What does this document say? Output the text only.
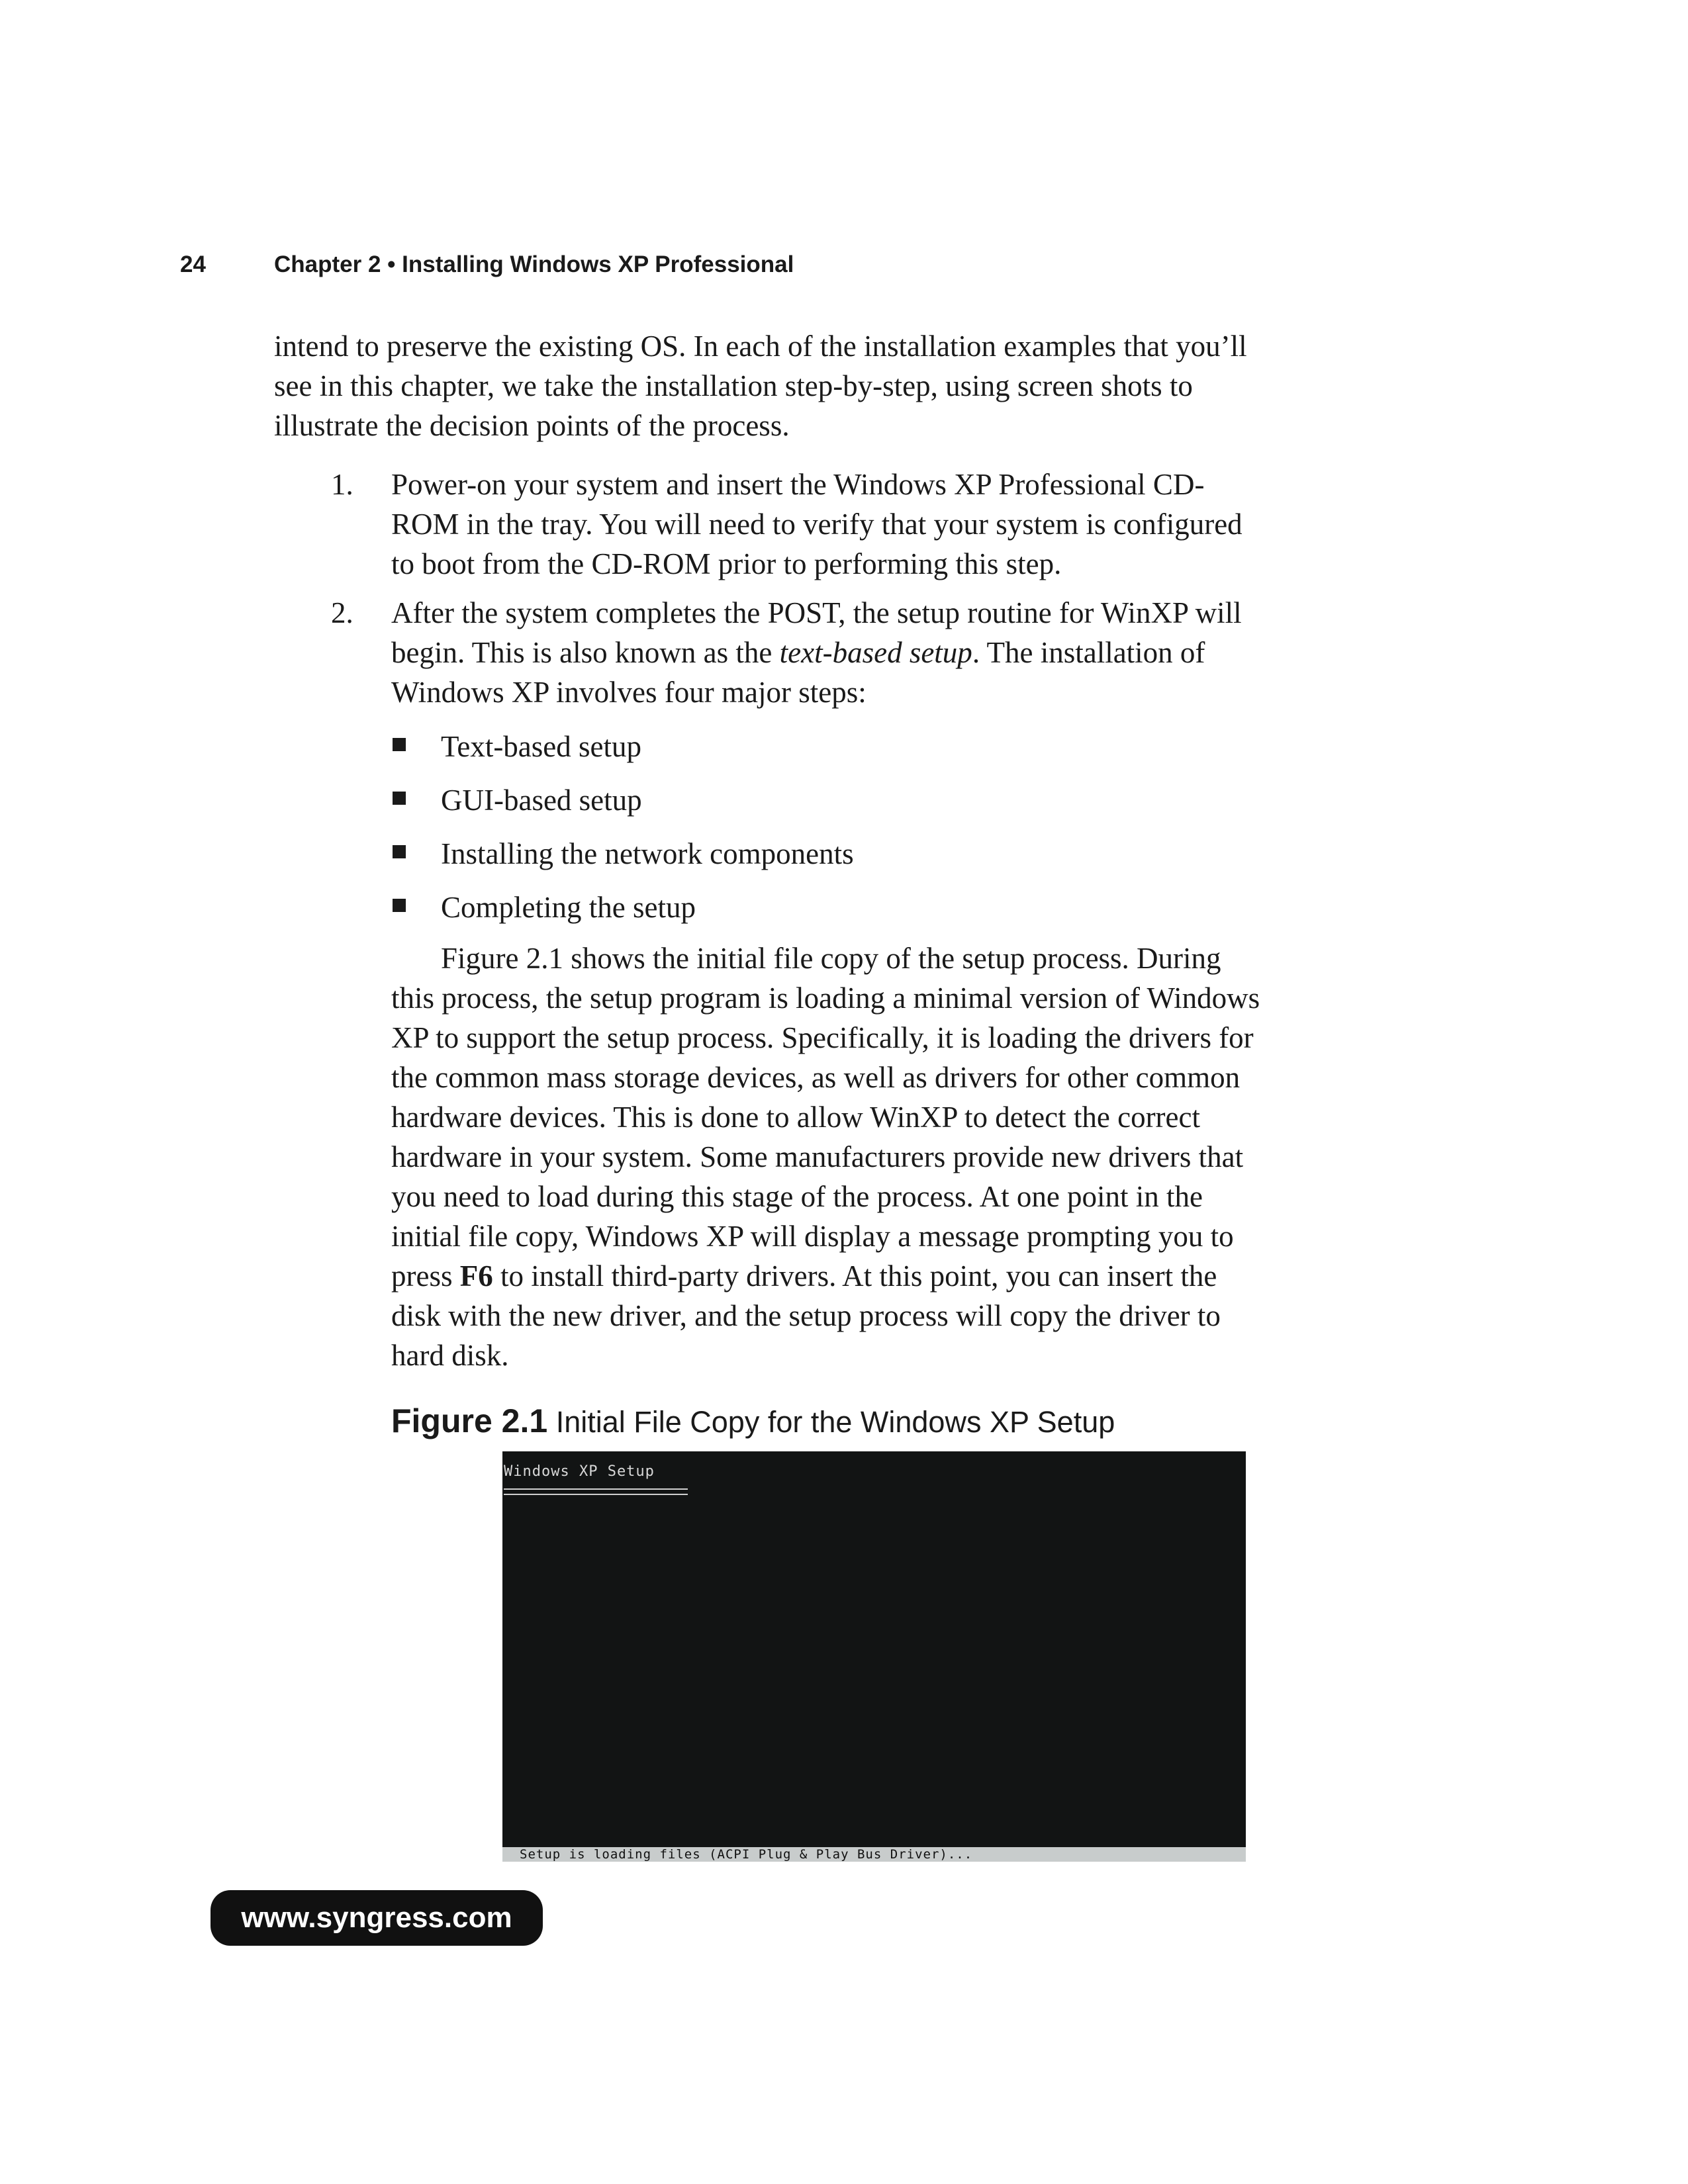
24	Chapter 2 • Installing Windows XP Professional

intend to preserve the existing OS. In each of the installation examples that you’ll

see in this chapter, we take the installation step-by-step, using screen shots to

illustrate the decision points of the process.

1. Power-on your system and insert the Windows XP Professional CD-
ROM in the tray. You will need to verify that your system is configured
to boot from the CD-ROM prior to performing this step.
2. After the system completes the POST, the setup routine for WinXP will
begin. This is also known as the text-based setup. The installation of
Windows XP involves four major steps:
Text-based setup
GUI-based setup
Installing the network components
Completing the setup
Figure 2.1 shows the initial file copy of the setup process. During
this process, the setup program is loading a minimal version of Windows
XP to support the setup process. Specifically, it is loading the drivers for
the common mass storage devices, as well as drivers for other common
hardware devices. This is done to allow WinXP to detect the correct
hardware in your system. Some manufacturers provide new drivers that
you need to load during this stage of the process. At one point in the
initial file copy, Windows XP will display a message prompting you to
press F6 to install third-party drivers. At this point, you can insert the
disk with the new driver, and the setup process will copy the driver to
hard disk.
Figure 2.1 Initial File Copy for the Windows XP Setup
Windows XP Setup
Setup is loading files (ACPI Plug & Play Bus Driver)...
www.syngress.com
